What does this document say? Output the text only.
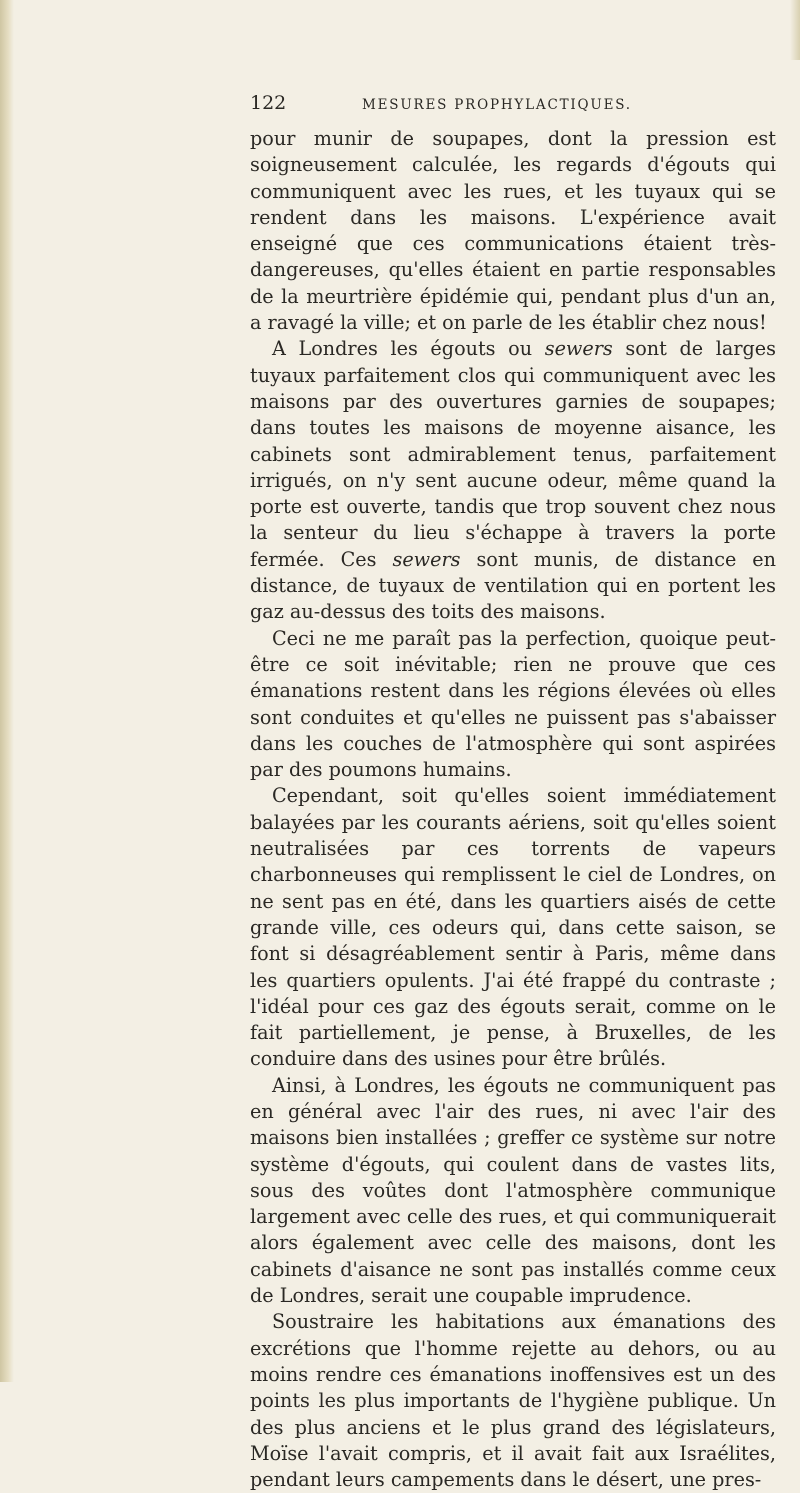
122	MESURES PROPHYLACTIQUES.

pour munir de soupapes, dont la pression est soigneusement calculée, les regards d'égouts qui communiquent avec les rues, et les tuyaux qui se rendent dans les maisons. L'expérience avait enseigné que ces communications étaient très-dangereuses, qu'elles étaient en partie responsables de la meurtrière épidémie qui, pendant plus d'un an, a ravagé la ville; et on parle de les établir chez nous!

A Londres les égouts ou sewers sont de larges tuyaux parfaitement clos qui communiquent avec les maisons par des ouvertures garnies de soupapes; dans toutes les maisons de moyenne aisance, les cabinets sont admirablement tenus, parfaitement irrigués, on n'y sent aucune odeur, même quand la porte est ouverte, tandis que trop souvent chez nous la senteur du lieu s'échappe à travers la porte fermée. Ces sewers sont munis, de distance en distance, de tuyaux de ventilation qui en portent les gaz au-dessus des toits des maisons.

Ceci ne me paraît pas la perfection, quoique peut-être ce soit inévitable; rien ne prouve que ces émanations restent dans les régions élevées où elles sont conduites et qu'elles ne puissent pas s'abaisser dans les couches de l'atmosphère qui sont aspirées par des poumons humains.

Cependant, soit qu'elles soient immédiatement balayées par les courants aériens, soit qu'elles soient neutralisées par ces torrents de vapeurs charbonneuses qui remplissent le ciel de Londres, on ne sent pas en été, dans les quartiers aisés de cette grande ville, ces odeurs qui, dans cette saison, se font si désagréablement sentir à Paris, même dans les quartiers opulents. J'ai été frappé du contraste ; l'idéal pour ces gaz des égouts serait, comme on le fait partiellement, je pense, à Bruxelles, de les conduire dans des usines pour être brûlés.

Ainsi, à Londres, les égouts ne communiquent pas en général avec l'air des rues, ni avec l'air des maisons bien installées ; greffer ce système sur notre système d'égouts, qui coulent dans de vastes lits, sous des voûtes dont l'atmosphère communique largement avec celle des rues, et qui communiquerait alors également avec celle des maisons, dont les cabinets d'aisance ne sont pas installés comme ceux de Londres, serait une coupable imprudence.

Soustraire les habitations aux émanations des excrétions que l'homme rejette au dehors, ou au moins rendre ces émanations inoffensives est un des points les plus importants de l'hygiène publique. Un des plus anciens et le plus grand des législateurs, Moïse l'avait compris, et il avait fait aux Israélites, pendant leurs campements dans le désert, une pres-
